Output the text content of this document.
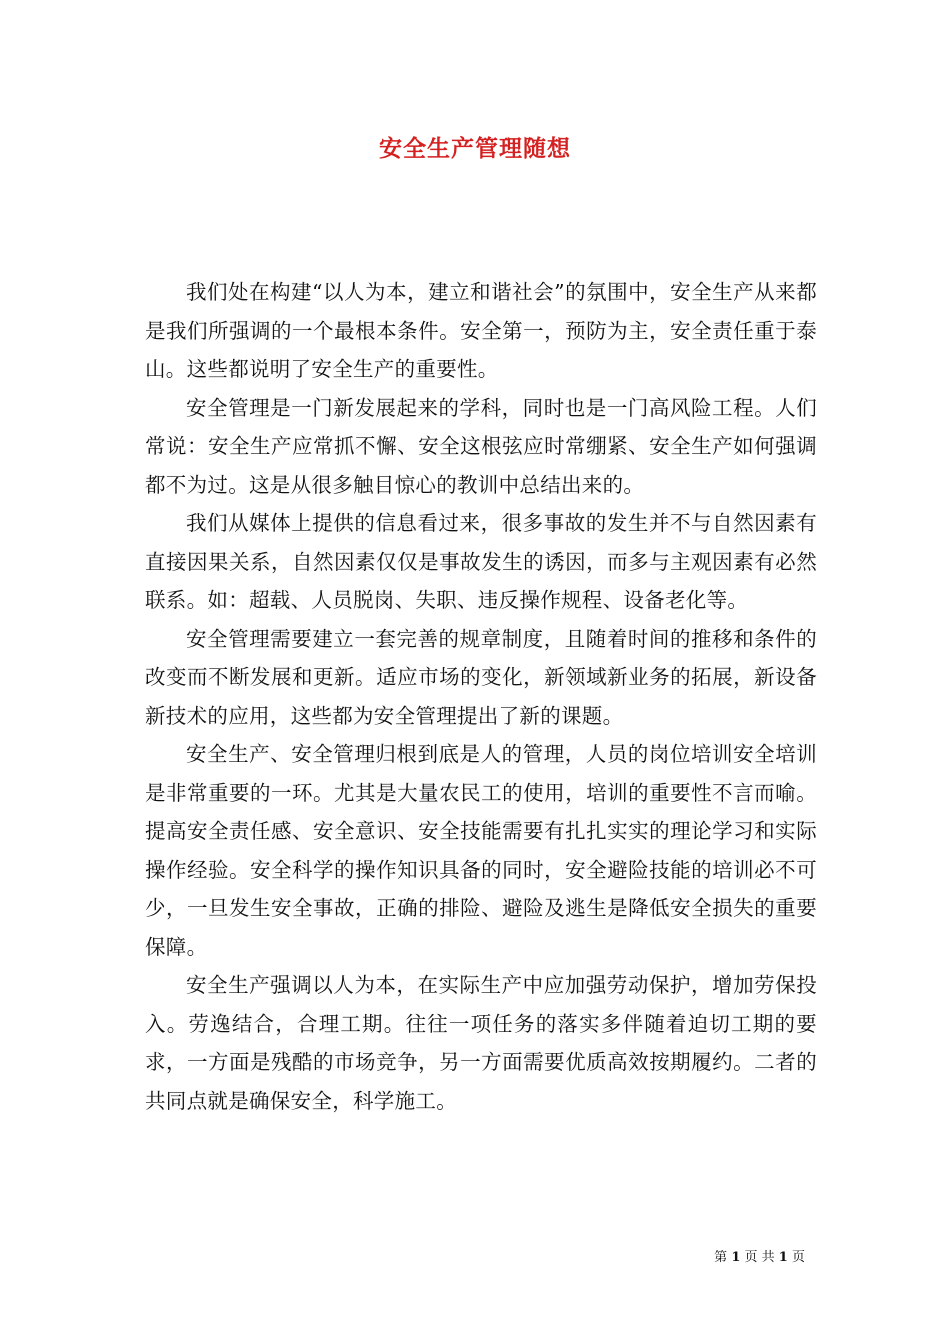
安全生产管理随想

我们处在构建“以人为本，建立和谐社会”的氛围中，安全生产从来都是我们所强调的一个最根本条件。安全第一，预防为主，安全责任重于泰山。这些都说明了安全生产的重要性。

安全管理是一门新发展起来的学科，同时也是一门高风险工程。人们常说：安全生产应常抓不懈、安全这根弦应时常绷紧、安全生产如何强调都不为过。这是从很多触目惊心的教训中总结出来的。

我们从媒体上提供的信息看过来，很多事故的发生并不与自然因素有直接因果关系，自然因素仅仅是事故发生的诱因，而多与主观因素有必然联系。如：超载、人员脱岗、失职、违反操作规程、设备老化等。

安全管理需要建立一套完善的规章制度，且随着时间的推移和条件的改变而不断发展和更新。适应市场的变化，新领域新业务的拓展，新设备新技术的应用，这些都为安全管理提出了新的课题。

安全生产、安全管理归根到底是人的管理，人员的岗位培训安全培训是非常重要的一环。尤其是大量农民工的使用，培训的重要性不言而喻。提高安全责任感、安全意识、安全技能需要有扎扎实实的理论学习和实际操作经验。安全科学的操作知识具备的同时，安全避险技能的培训必不可少，一旦发生安全事故，正确的排险、避险及逃生是降低安全损失的重要保障。

安全生产强调以人为本，在实际生产中应加强劳动保护，增加劳保投入。劳逸结合，合理工期。往往一项任务的落实多伴随着迫切工期的要求，一方面是残酷的市场竞争，另一方面需要优质高效按期履约。二者的共同点就是确保安全，科学施工。

第 1 页 共 1 页
